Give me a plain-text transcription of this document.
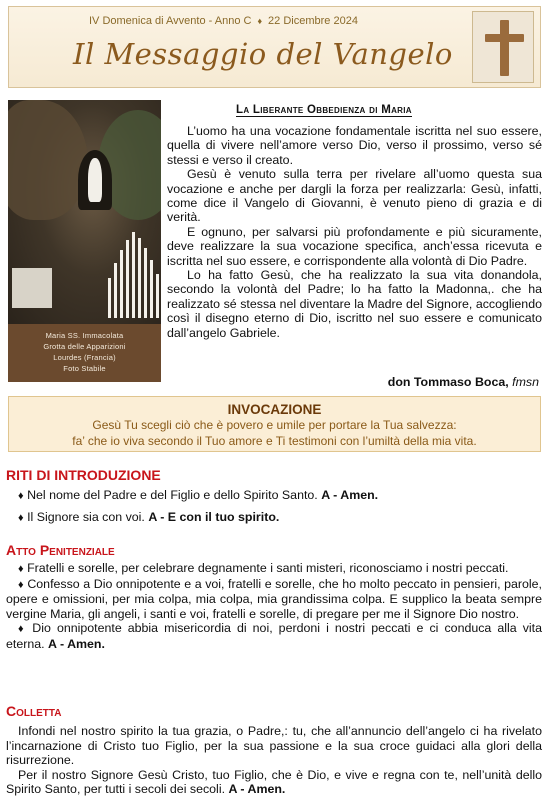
IV Domenica di Avvento - Anno C ♦ 22 Dicembre 2024
Il Messaggio del Vangelo
Maria SS. Immacolata
Grotta delle Apparizioni
Lourdes (Francia)
Foto Stabile
La Liberante Obbedienza di Maria

L’uomo ha una vocazione fondamentale iscritta nel suo essere, quella di vivere nell’amore verso Dio, verso il prossimo, verso sé stessi e verso il creato.

Gesù è venuto sulla terra per rivelare all’uomo questa sua vocazione e anche per dargli la forza per realizzarla: Gesù, infatti, come dice il Vangelo di Giovanni, è venuto pieno di grazia e di verità.

E ognuno, per salvarsi più profondamente e più sicuramente, deve realizzare la sua vocazione specifica, anch’essa ricevuta e iscritta nel suo essere, e corrispondente alla volontà di Dio Padre.

Lo ha fatto Gesù, che ha realizzato la sua vita donandola, secondo la volontà del Padre; lo ha fatto la Madonna,. che ha realizzato sé stessa nel diventare la Madre del Signore, accogliendo così il disegno eterno di Dio, iscritto nel suo essere e comunicato dall’angelo Gabriele.

don Tommaso Boca, fmsn
INVOCAZIONE
Gesù Tu scegli ciò che è povero e umile per portare la Tua salvezza:
fa’ che io viva secondo il Tuo amore e Ti testimoni con l’umiltà della mia vita.
RITI DI INTRODUZIONE

♦ Nel nome del Padre e del Figlio e dello Spirito Santo. A - Amen.

♦ Il Signore sia con voi. A - E con il tuo spirito.

Atto Penitenziale

♦ Fratelli e sorelle, per celebrare degnamente i santi misteri, riconosciamo i nostri peccati.

♦ Confesso a Dio onnipotente e a voi, fratelli e sorelle, che ho molto peccato in pensieri, parole, opere e omissioni, per mia colpa, mia colpa, mia grandissima colpa. E supplico la beata sempre vergine Maria, gli angeli, i santi e voi, fratelli e sorelle, di pregare per me il Signore Dio nostro.

♦ Dio onnipotente abbia misericordia di noi, perdoni i nostri peccati e ci conduca alla vita eterna. A - Amen.

Colletta

Infondi nel nostro spirito la tua grazia, o Padre,: tu, che all’annuncio dell’angelo ci ha rivelato l’incarnazione di Cristo tuo Figlio, per la sua passione e la sua croce guidaci alla glori della risurrezione.

Per il nostro Signore Gesù Cristo, tuo Figlio, che è Dio, e vive e regna con te, nell’unità dello Spirito Santo, per tutti i secoli dei secoli. A - Amen.
